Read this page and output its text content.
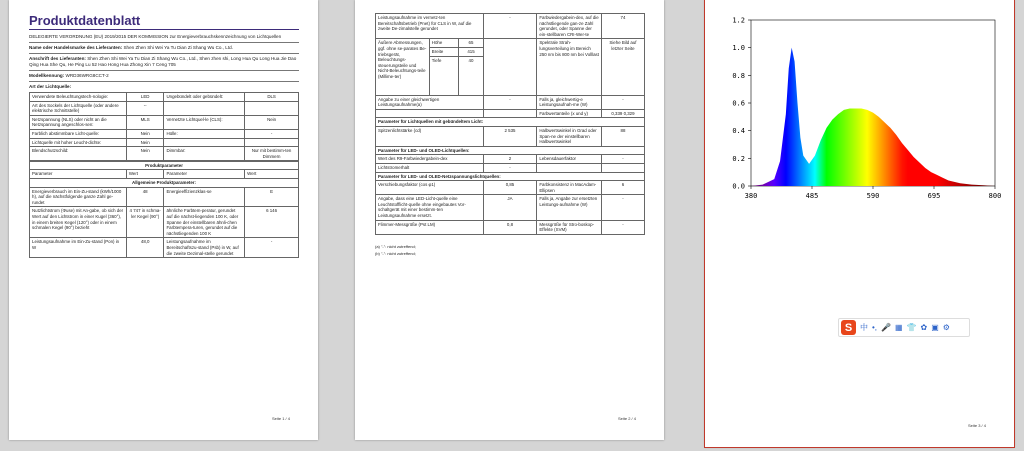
Produktdatenblatt
DELEGIERTE VERORDNUNG (EU) 2019/2015 DER KOMMISSION zur Energieverbrauchskennzeichnung von Lichtquellen
Name oder Handelsmarke des Lieferanten: Shen Zhen Shi Wei Ya Tu Dian Zi Shang Wu Co., Ltd.
Anschrift des Lieferanten: Shen Zhen Shi Wei Ya Tu Dian Zi Shang Wu Co., Ltd., Shen zhen shi, Long Hua Qu Long Hua Jie Dao Qing Hua She Qu, He Ping Lu 52 Hao Hong Hua Zhong Xin 7 Ceng 705
Modellkennung: WRD36WRG8CCT-2
Art der Lichtquelle:
Verwendete Beleuchtungstech-nologie:	LED	Ungebündelt oder gebündelt:	DLS
Art des Sockels der Lichtquelle (oder andere elektrische Schnittstelle)	--		
Netzspannung (NLS) oder nicht an die Netzspannung angeschlos-sen:	MLS	Vernetzte Lichtquel-le (CLS):	Nein
Farblich abstimmbare Licht-quelle:	Nein	Hülle:	-
Lichtquelle mit hoher Leucht-dichte:	Nein		
Blendschutzschild:	Nein	Dimmbar:	Nur mit bestimm-ten Dimmern
Produktparameter			
Parameter	Wert	Parameter	Wert
Allgemeine Produktparameter:			
Energieverbrauch im Ein-Zu-stand (kWh/1000 h), auf die nächstfolgende ganze Zahl ge-rundet	48	Energieeffizienzklas-se	E
Nutzlichtstrom (Φuse) mit An-gabe, ob sich der Wert auf den Lichtstrom in einer Kugel (360°), in einem breiten Kegel (120°) oder in einem schmalen Kegel (90°) bezieht	4 747 in schma-ler Kegel (90°)	ähnliche Farbtem-peratur, gerundet auf die nächst-liegenden 100 K, oder Spanne der einstellbaren ähnli-chen Farbtempera-turen, gerundet auf die nächstliegenden 100 K	6 146
Leistungsaufnahme im Ein-Zu-stand (Pon) in W	48,0	Leistungsaufnahme im Bereitschaftszu-stand (Psb) in W, auf die zweite Dezimal-stelle gerundet	-
Seite 1 / 4
Leistungsaufnahme im vernetz-ten Bereitschaftsbetrieb (Pnet) für CLS in W, auf die zweite De-zimalstelle gerundet			-	Farbwiedergabein-dex, auf die nächstliegende gan-ze Zahl gerundet, oder Spanne der ein-stellbaren CRI-Wer-te	74
Äußere Abmessungen, ggf. ohne se-parates Be-triebsgerät, Beleuchtungs-steuerungsteile und Nicht-Beleuchtungs-teile (Millime-ter)	Höhe	65		Spektrale Strah-lungsverteilung im Bereich 250 nm bis 800 nm bei Volllast	Siehe Bild auf letzter Seite
	Breite	415			
	Tiefe	40			
Angabe zu einer gleichwertigen Leistungsaufnahme(a)			-	Falls ja, gleichwertig-e Leistungsaufnah-me (W)	-
				Farbwertanteile (x und y)	0,339 0,329
Parameter für Lichtquellen mit gebündeltem Licht:					
Spitzenlichtstärke (cd)			2 535	Halbwertswinkel in Grad oder Span-ne der einstellbaren Halbwertswinkel	88
Parameter für LED- und OLED-Lichtquellen:					
Wert des R9-Farbwiedergabein-dex			2	Lebensdauerfaktor	-
Lichtstromerhalt			-		
Parameter für LED- und OLED-Netzspannungslichtquellen:					
Verschiebungsfaktor (cos φ1)			0,85	Farbkonsistenz in MacAdam-Ellipsen	6
Angabe, dass eine LED-Licht-quelle eine Leuchtstofflicht-quelle ohne eingebautes Vor-schaltgerät mit einer bestimm-ten Leistungsaufnahme ersetzt.			JA	Falls ja, Angabe zur ersetzten Leistungs-aufnahme (W)	-
Flimmer-Messgröße (Pst LM)			0,8	Messgröße für Stro-boskop-Effekte (SVM)	-
(a) "-": nicht zutreffend;
(b) "-": nicht zutreffend;
Seite 2 / 4
0.0
0.2
0.4
0.6
0.8
1.0
1.2
380	485	590	695	800
Seite 3 / 4
S 中 •, 🎤 ▦ 👕 ✿ ▣ ⚙
